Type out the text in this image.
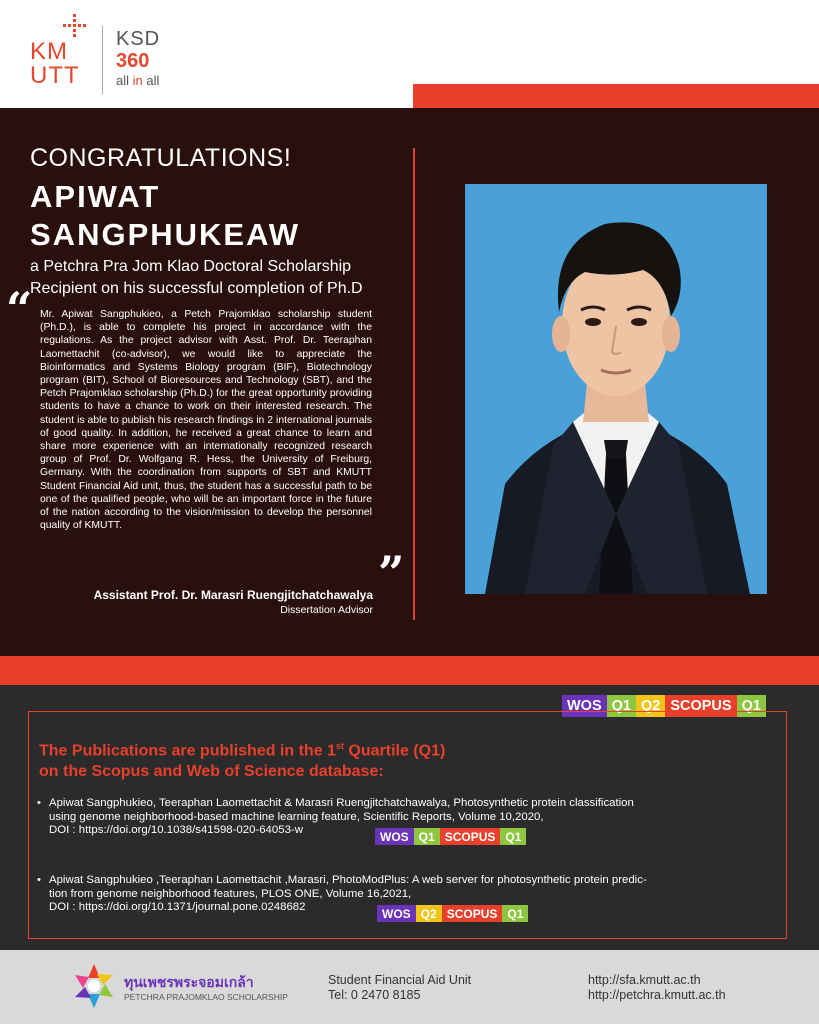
KM
UTT
KSD
360
all in all
CONGRATULATIONS!
APIWAT
SANGPHUKEAW
a Petchra Pra Jom Klao Doctoral Scholarship Recipient on his successful completion of Ph.D
“ Mr. Apiwat Sangphukieo, a Petch Prajomklao scholarship student (Ph.D.), is able to complete his project in accordance with the regulations. As the project advisor with Asst. Prof. Dr. Teeraphan Laomettachit (co-advisor), we would like to appreciate the Bioinformatics and Systems Biology program (BIF), Biotechnology program (BIT), School of Bioresources and Technology (SBT), and the Petch Prajomklao scholarship (Ph.D.) for the great opportunity providing students to have a chance to work on their interested research. The student is able to publish his research findings in 2 international journals of good quality. In addition, he received a great chance to learn and share more experience with an internationally recognized research group of Prof. Dr. Wolfgang R. Hess, the University of Freiburg, Germany. With the coordination from supports of SBT and KMUTT Student Financial Aid unit, thus, the student has a successful path to be one of the qualified people, who will be an important force in the future of the nation according to the vision/mission to develop the personnel quality of KMUTT.
”
Assistant Prof. Dr. Marasri Ruengjitchatchawalya
Dissertation Advisor
WOS Q1 Q2 SCOPUS Q1
The Publications are published in the 1st Quartile (Q1)
on the Scopus and Web of Science database:
• Apiwat Sangphukieo, Teeraphan Laomettachit & Marasri Ruengjitchatchawalya, Photosynthetic protein classification
using genome neighborhood-based machine learning feature, Scientific Reports, Volume 10,2020,
DOI : https://doi.org/10.1038/s41598-020-64053-w	WOS Q1 SCOPUS Q1
• Apiwat Sangphukieo ,Teeraphan Laomettachit ,Marasri, PhotoModPlus: A web server for photosynthetic protein predic-
tion from genome neighborhood features, PLOS ONE, Volume 16,2021,
DOI : https://doi.org/10.1371/journal.pone.0248682	WOS Q2 SCOPUS Q1
ทุนเพชรพระจอมเกล้า
PETCHRA PRAJOMKLAO SCHOLARSHIP
Student Financial Aid Unit
Tel: 0 2470 8185
http://sfa.kmutt.ac.th
http://petchra.kmutt.ac.th
